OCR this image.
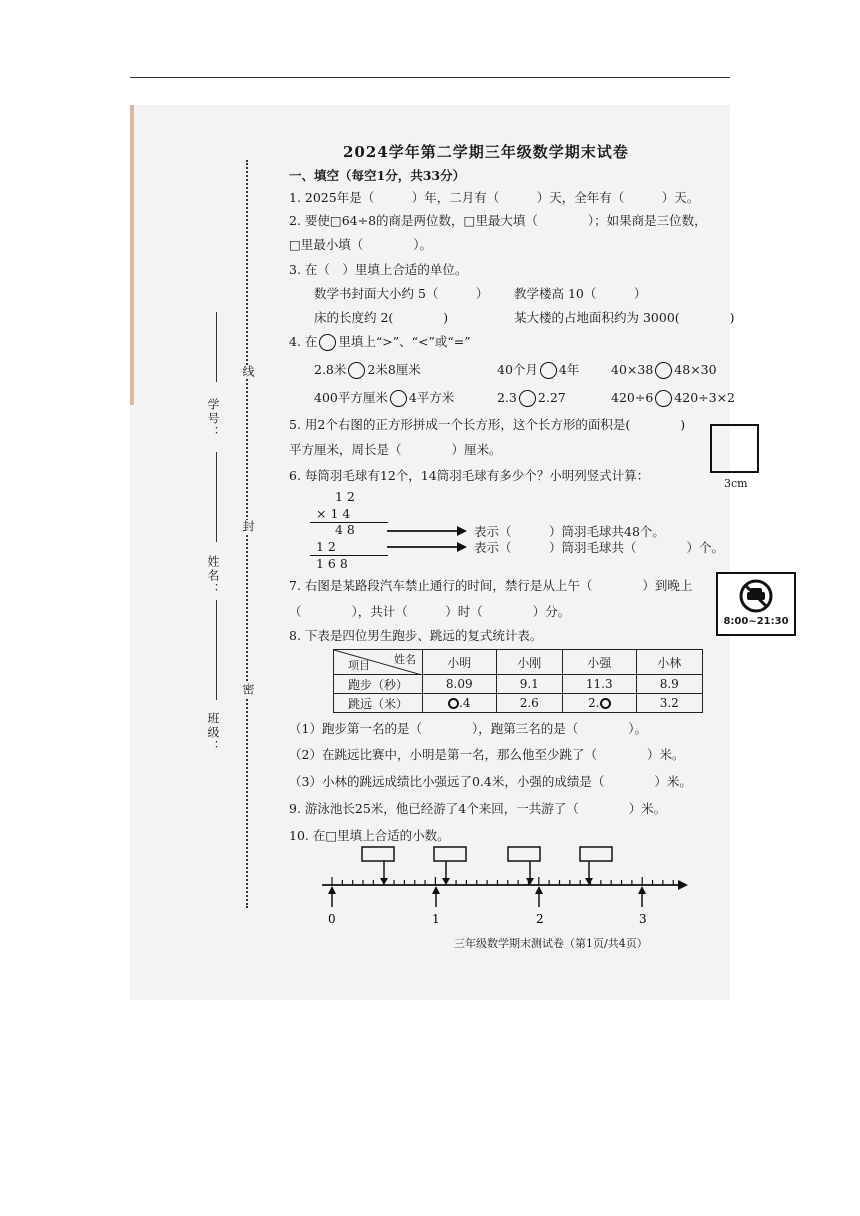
线
封
密
学号：
姓名：
班级：
2024学年第二学期三年级数学期末试卷
一、填空（每空1分，共33分）
1. 2025年是（　　　）年，二月有（　　　）天，全年有（　　　）天。
2. 要使□64÷8的商是两位数，□里最大填（　　　　）；如果商是三位数，
□里最小填（　　　　）。
3. 在（　）里填上合适的单位。
数学书封面大小约 5（　　　） 教学楼高 10（　　　）
床的长度约 2(　　　　)	某大楼的占地面积约为 3000(　　　　)
4. 在 里填上“>”、“<”或“=”
2.8米 2米8厘米	40个月 4年	40×38 48×30
400平方厘米 4平方米	2.3 2.27	420÷6 420÷3×2
5. 用2个右图的正方形拼成一个长方形，这个长方形的面积是(　　　　)
平方厘米，周长是（　　　　）厘米。
3cm
6. 每筒羽毛球有12个，14筒羽毛球有多少个？小明列竖式计算：
1 2
× 1 4
4 8
1 2
1 6 8
表示（　　　）筒羽毛球共48个。
表示（　　　）筒羽毛球共（　　　　）个。
7. 右图是某路段汽车禁止通行的时间，禁行是从上午（　　　　）到晚上
（　　　　），共计（　　　）时（　　　　）分。
8:00~21:30
8. 下表是四位男生跑步、跳远的复式统计表。
姓名
项目	小明	小刚	小强	小林
跑步（秒）	8.09	9.1	11.3	8.9
跳远（米）	.4	2.6	2.	3.2
（1）跑步第一名的是（　　　　），跑第三名的是（　　　　）。
（2）在跳远比赛中，小明是第一名，那么他至少跳了（　　　　）米。
（3）小林的跳远成绩比小强远了0.4米，小强的成绩是（　　　　）米。
9. 游泳池长25米，他已经游了4个来回，一共游了（　　　　）米。
10. 在□里填上合适的小数。
0	1	2	3
三年级数学期末测试卷（第1页/共4页）
